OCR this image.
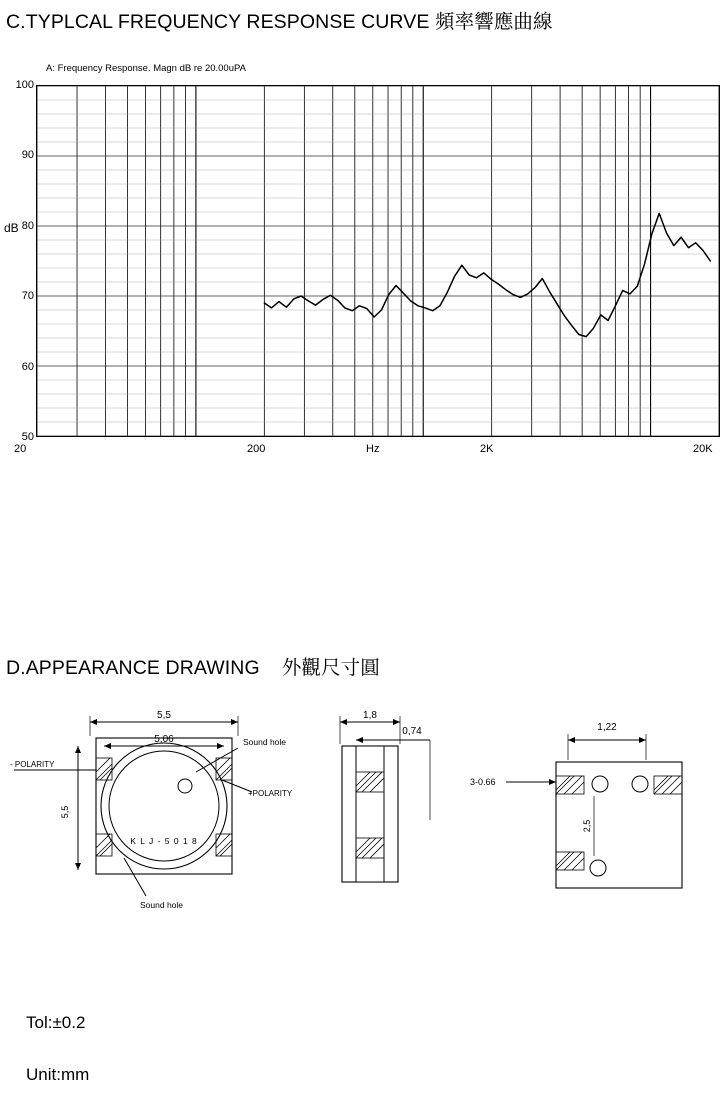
C.TYPLCAL FREQUENCY RESPONSE CURVE 頻率響應曲線
A: Frequency Response. Magn dB re 20.00uPA
100
90
80
70
60
50
dB
20	200	Hz	2K	20K
D.APPEARANCE DRAWING 外觀尺寸圓
5,5
5,06
5,5
K L J - 5 0 1 8
Sound hole
Sound hole
- POLARITY
+POLARITY
1,8
0,74	1,22
3-0.66
2,5
Tol:±0.2
Unit:mm
